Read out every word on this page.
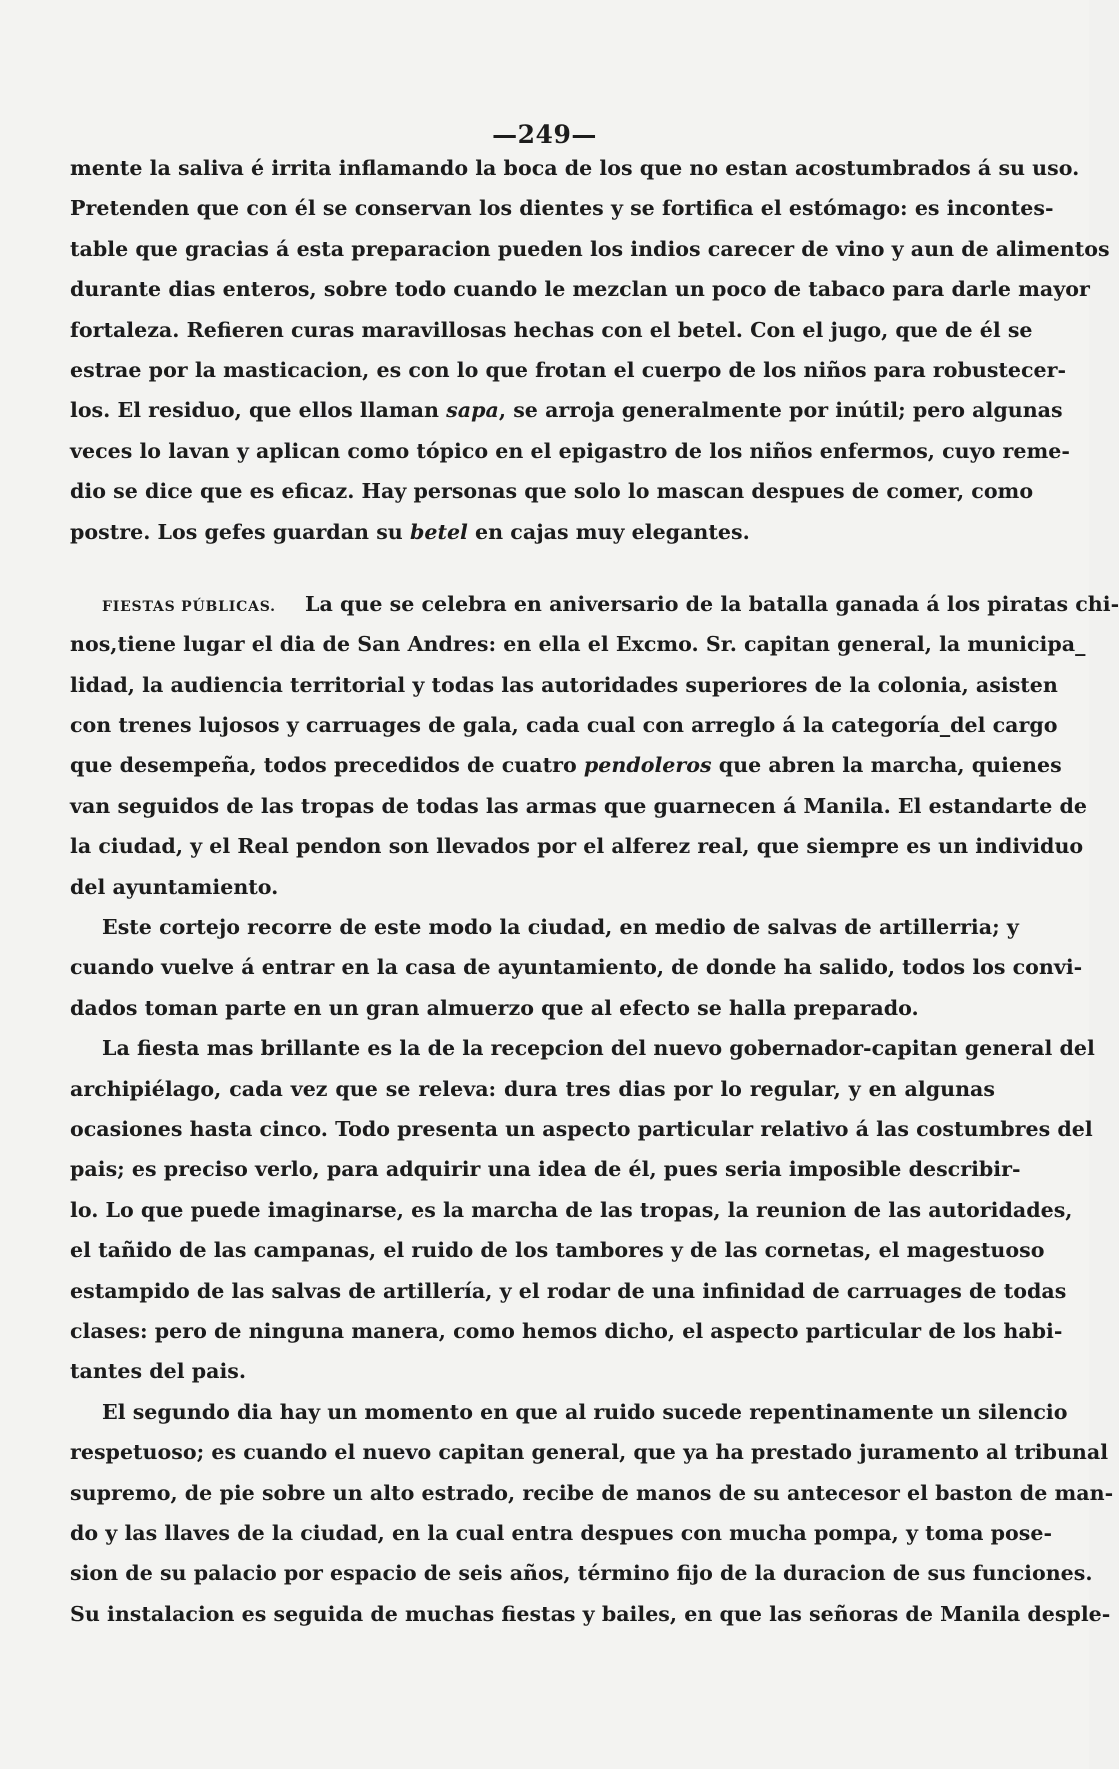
—249—
mente la saliva é irrita inflamando la boca de los que no estan acostumbrados á su uso.
Pretenden que con él se conservan los dientes y se fortifica el estómago: es incontes-
table que gracias á esta preparacion pueden los indios carecer de vino y aun de alimentos
durante dias enteros, sobre todo cuando le mezclan un poco de tabaco para darle mayor
fortaleza. Refieren curas maravillosas hechas con el betel. Con el jugo, que de él se
estrae por la masticacion, es con lo que frotan el cuerpo de los niños para robustecer-
los. El residuo, que ellos llaman sapa, se arroja generalmente por inútil; pero algunas
veces lo lavan y aplican como tópico en el epigastro de los niños enfermos, cuyo reme-
dio se dice que es eficaz. Hay personas que solo lo mascan despues de comer, como
postre. Los gefes guardan su betel en cajas muy elegantes.
FIESTAS PÚBLICAS. La que se celebra en aniversario de la batalla ganada á los piratas chi-
nos,tiene lugar el dia de San Andres: en ella el Excmo. Sr. capitan general, la municipa_
lidad, la audiencia territorial y todas las autoridades superiores de la colonia, asisten
con trenes lujosos y carruages de gala, cada cual con arreglo á la categoría_del cargo
que desempeña, todos precedidos de cuatro pendoleros que abren la marcha, quienes
van seguidos de las tropas de todas las armas que guarnecen á Manila. El estandarte de
la ciudad, y el Real pendon son llevados por el alferez real, que siempre es un individuo
del ayuntamiento.
Este cortejo recorre de este modo la ciudad, en medio de salvas de artillerria; y
cuando vuelve á entrar en la casa de ayuntamiento, de donde ha salido, todos los convi-
dados toman parte en un gran almuerzo que al efecto se halla preparado.
La fiesta mas brillante es la de la recepcion del nuevo gobernador-capitan general del
archipiélago, cada vez que se releva: dura tres dias por lo regular, y en algunas
ocasiones hasta cinco. Todo presenta un aspecto particular relativo á las costumbres del
pais; es preciso verlo, para adquirir una idea de él, pues seria imposible describir-
lo. Lo que puede imaginarse, es la marcha de las tropas, la reunion de las autoridades,
el tañido de las campanas, el ruido de los tambores y de las cornetas, el magestuoso
estampido de las salvas de artillería, y el rodar de una infinidad de carruages de todas
clases: pero de ninguna manera, como hemos dicho, el aspecto particular de los habi-
tantes del pais.
El segundo dia hay un momento en que al ruido sucede repentinamente un silencio
respetuoso; es cuando el nuevo capitan general, que ya ha prestado juramento al tribunal
supremo, de pie sobre un alto estrado, recibe de manos de su antecesor el baston de man-
do y las llaves de la ciudad, en la cual entra despues con mucha pompa, y toma pose-
sion de su palacio por espacio de seis años, término fijo de la duracion de sus funciones.
Su instalacion es seguida de muchas fiestas y bailes, en que las señoras de Manila desple-
